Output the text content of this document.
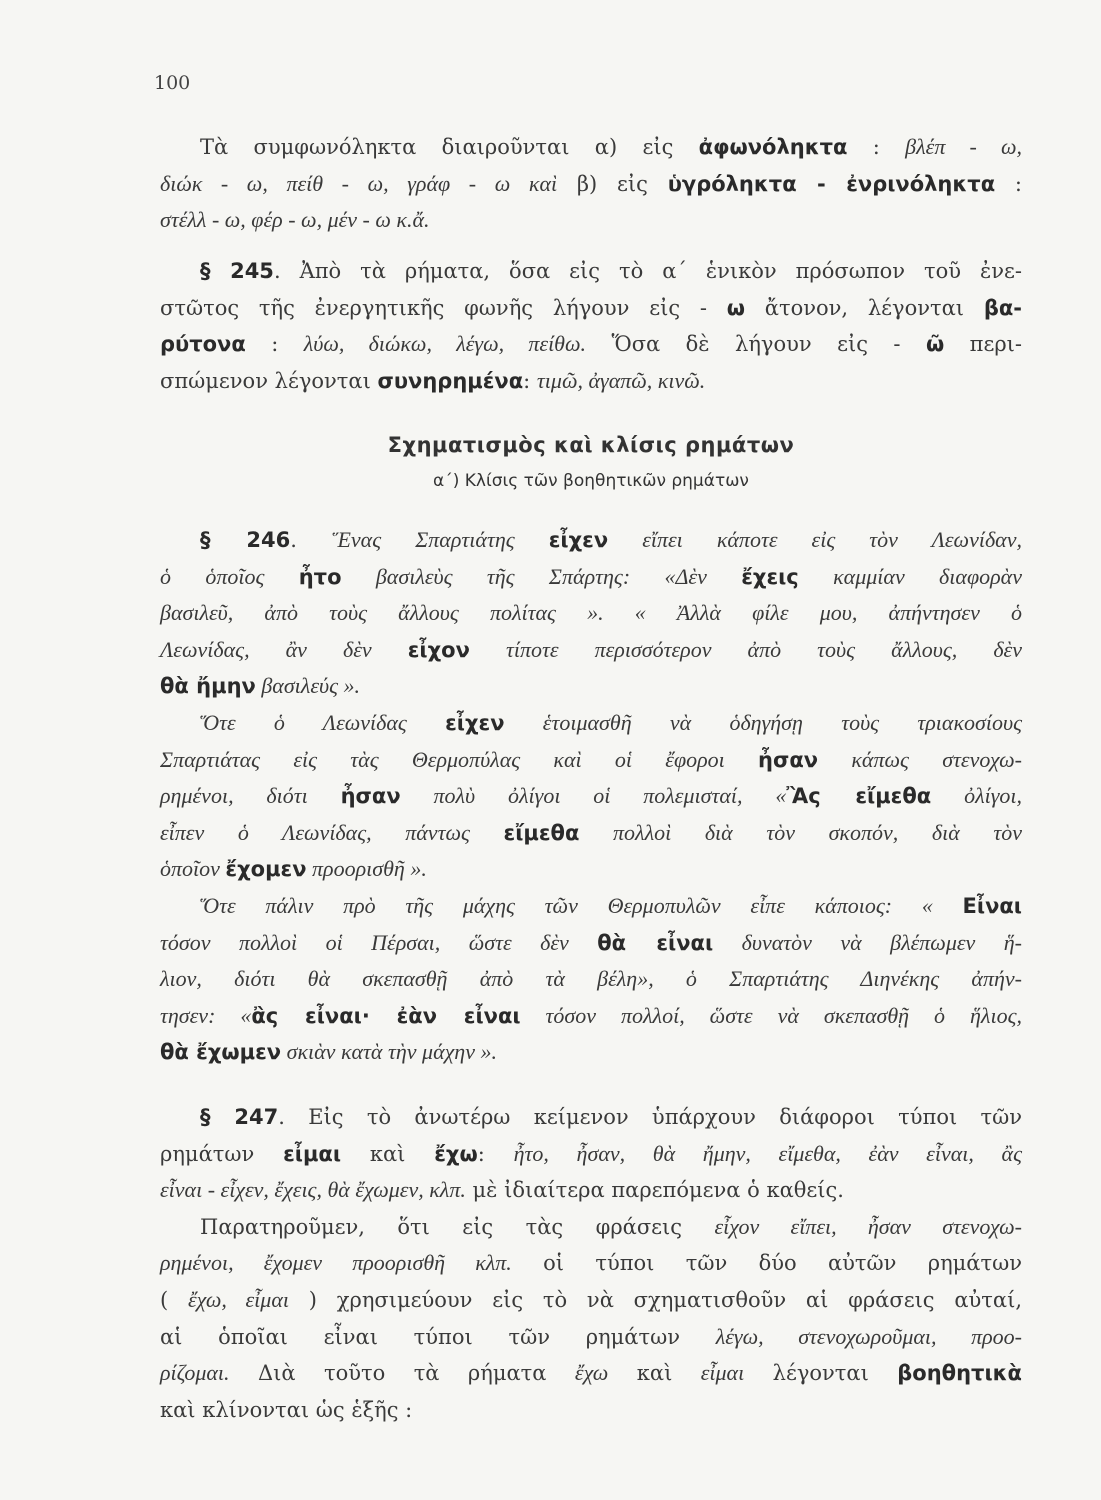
100
Τὰ συμφωνόληκτα διαιροῦνται α) εἰς ἀφωνόληκτα : βλέπ - ω,
διώκ - ω, πείθ - ω, γράφ - ω καὶ β) εἰς ὑγρόληκτα - ἐνρινόληκτα :
στέλλ - ω, φέρ - ω, μέν - ω κ.ἄ.
§ 245. Ἀπὸ τὰ ρήματα, ὅσα εἰς τὸ α΄ ἑνικὸν πρόσωπον τοῦ ἐνε-
στῶτος τῆς ἐνεργητικῆς φωνῆς λήγουν εἰς - ω ἄτονον, λέγονται βα-
ρύτονα : λύω, διώκω, λέγω, πείθω. Ὅσα δὲ λήγουν εἰς - ῶ περι-
σπώμενον λέγονται συνηρημένα: τιμῶ, ἀγαπῶ, κινῶ.
Σχηματισμὸς καὶ κλίσις ρημάτων
α΄) Κλίσις τῶν βοηθητικῶν ρημάτων
§ 246. Ἕνας Σπαρτιάτης εἶχεν εἴπει κάποτε εἰς τὸν Λεωνίδαν,
ὁ ὁποῖος ἦτο βασιλεὺς τῆς Σπάρτης: «Δὲν ἔχεις καμμίαν διαφορὰν
βασιλεῦ, ἀπὸ τοὺς ἄλλους πολίτας ». « Ἀλλὰ φίλε μου, ἀπήντησεν ὁ
Λεωνίδας, ἂν δὲν εἶχον τίποτε περισσότερον ἀπὸ τοὺς ἄλλους, δὲν
θὰ ἤμην βασιλεύς ».
Ὅτε ὁ Λεωνίδας εἶχεν ἑτοιμασθῆ νὰ ὁδηγήσῃ τοὺς τριακοσίους
Σπαρτιάτας εἰς τὰς Θερμοπύλας καὶ οἱ ἔφοροι ἦσαν κάπως στενοχω-
ρημένοι, διότι ἦσαν πολὺ ὀλίγοι οἱ πολεμισταί, «Ἂς εἴμεθα ὀλίγοι,
εἶπεν ὁ Λεωνίδας, πάντως εἴμεθα πολλοὶ διὰ τὸν σκοπόν, διὰ τὸν
ὁποῖον ἔχομεν προορισθῆ ».
Ὅτε πάλιν πρὸ τῆς μάχης τῶν Θερμοπυλῶν εἶπε κάποιος: « Εἶναι
τόσον πολλοὶ οἱ Πέρσαι, ὥστε δὲν θὰ εἶναι δυνατὸν νὰ βλέπωμεν ἥ-
λιον, διότι θὰ σκεπασθῇ ἀπὸ τὰ βέλη», ὁ Σπαρτιάτης Διηνέκης ἀπήν-
τησεν: «ἂς εἶναι· ἐὰν εἶναι τόσον πολλοί, ὥστε νὰ σκεπασθῇ ὁ ἥλιος,
θὰ ἔχωμεν σκιὰν κατὰ τὴν μάχην ».
§ 247. Εἰς τὸ ἀνωτέρω κείμενον ὑπάρχουν διάφοροι τύποι τῶν
ρημάτων εἶμαι καὶ ἔχω: ἦτο, ἦσαν, θὰ ἤμην, εἴμεθα, ἐὰν εἶναι, ἂς
εἶναι - εἶχεν, ἔχεις, θὰ ἔχωμεν, κλπ. μὲ ἰδιαίτερα παρεπόμενα ὁ καθείς.
Παρατηροῦμεν, ὅτι εἰς τὰς φράσεις εἶχον εἴπει, ἦσαν στενοχω-
ρημένοι, ἔχομεν προορισθῆ κλπ. οἱ τύποι τῶν δύο αὐτῶν ρημάτων
( ἔχω, εἶμαι ) χρησιμεύουν εἰς τὸ νὰ σχηματισθοῦν αἱ φράσεις αὐταί,
αἱ ὁποῖαι εἶναι τύποι τῶν ρημάτων λέγω, στενοχωροῦμαι, προο-
ρίζομαι. Διὰ τοῦτο τὰ ρήματα ἔχω καὶ εἶμαι λέγονται βοηθητικὰ
καὶ κλίνονται ὡς ἑξῆς :
